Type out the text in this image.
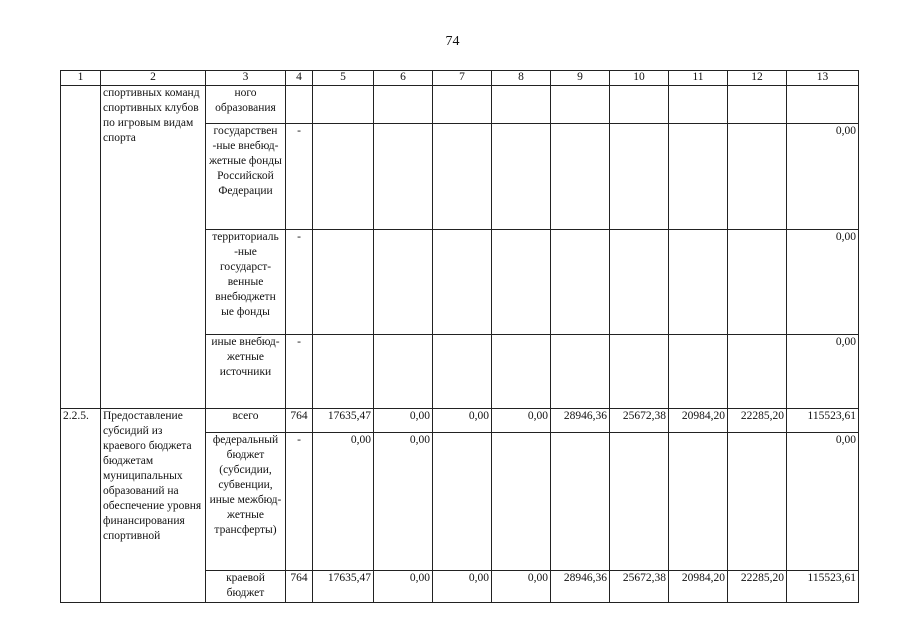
74
1	2	3	4	5	6	7	8	9	10	11	12	13
	спортивных команд спортивных клубов по игровым видам спорта	ного образования										
		государствен -ные внебюд- жетные фонды Российской Федерации	-									0,00
		территориаль -ные государст- венные внебюджетн ые фонды	-									0,00
		иные внебюд- жетные источники	-									0,00
2.2.5.	Предоставление субсидий из краевого бюджета бюджетам муниципальных образований на обеспечение уровня финансирования спортивной	всего	764	17635,47	0,00	0,00	0,00	28946,36	25672,38	20984,20	22285,20	115523,61
		федеральный бюджет (субсидии, субвенции, иные межбюд- жетные трансферты)	-	0,00	0,00							0,00
		краевой бюджет	764	17635,47	0,00	0,00	0,00	28946,36	25672,38	20984,20	22285,20	115523,61
